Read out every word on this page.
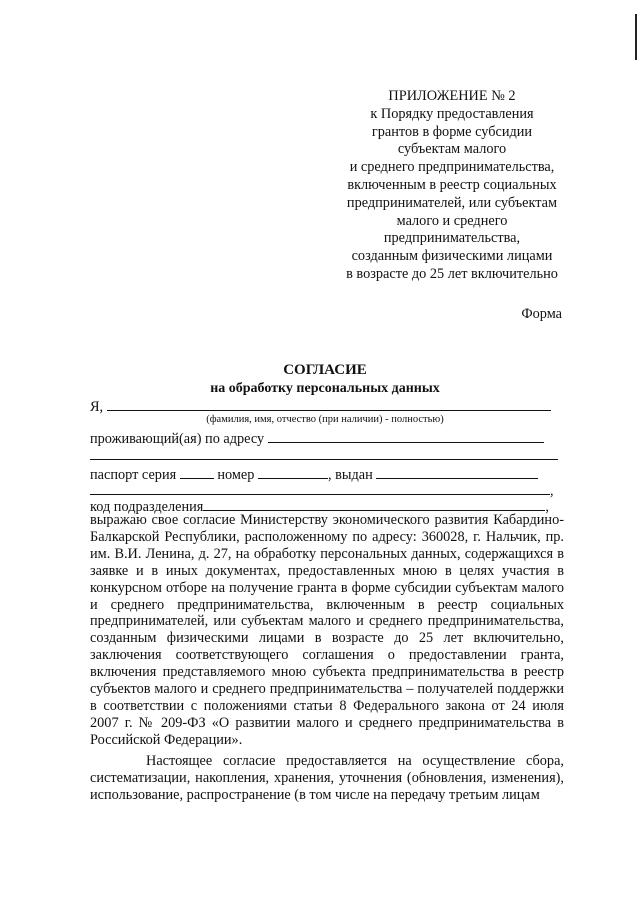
ПРИЛОЖЕНИЕ № 2
к Порядку предоставления
грантов в форме субсидии
субъектам малого
и среднего предпринимательства,
включенным в реестр социальных
предпринимателей, или субъектам
малого и среднего
предпринимательства,
созданным физическими лицами
в возрасте до 25 лет включительно
Форма
СОГЛАСИЕ
на обработку персональных данных
Я,
(фамилия, имя, отчество (при наличии) - полностью)
проживающий(ая) по адресу
паспорт серия	номер	, выдан
,
код подразделения	,

выражаю свое согласие Министерству экономического развития Кабардино-Балкарской Республики, расположенному по адресу: 360028, г. Нальчик, пр. им. В.И. Ленина, д. 27, на обработку персональных данных, содержащихся в заявке и в иных документах, предоставленных мною в целях участия в конкурсном отборе на получение гранта в форме субсидии субъектам малого и среднего предпринимательства, включенным в реестр социальных предпринимателей, или субъектам малого и среднего предпринимательства, созданным физическими лицами в возрасте до 25 лет включительно, заключения соответствующего соглашения о предоставлении гранта, включения представляемого мною субъекта предпринимательства в реестр субъектов малого и среднего предпринимательства – получателей поддержки в соответствии с положениями статьи 8 Федерального закона от 24 июля 2007 г. № 209-ФЗ «О развитии малого и среднего предпринимательства в Российской Федерации».

Настоящее согласие предоставляется на осуществление сбора, систематизации, накопления, хранения, уточнения (обновления, изменения), использование, распространение (в том числе на передачу третьим лицам
